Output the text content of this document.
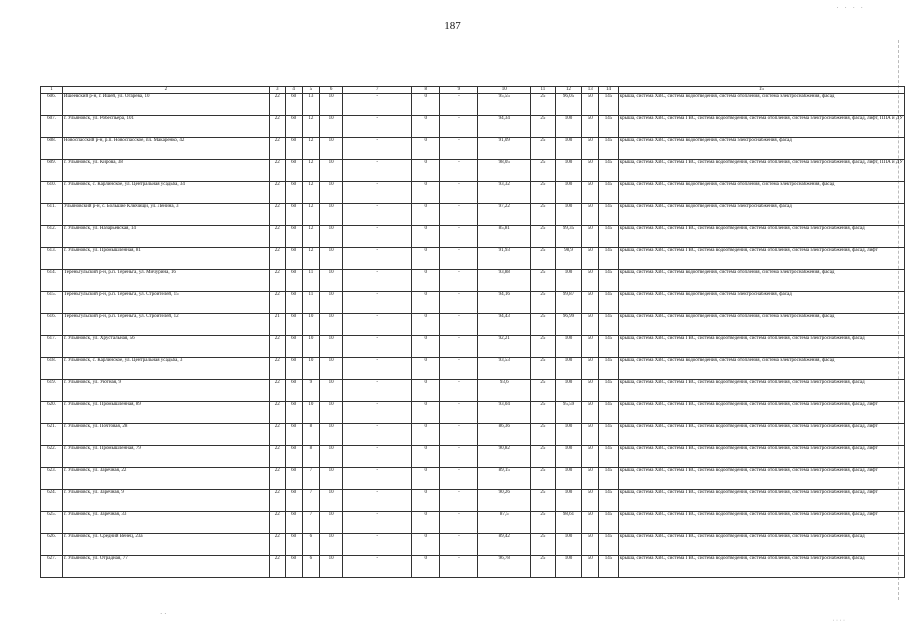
· · · ·
187
1	2	3	4	5	6	7	8	9	10	11	12	13	14	15
606.	Ишеевский р-н, г. Ишей, ул. Огарёва, 10	22	60	13	10	-	0	-	95,55	25	96,05	50	145	крыша, система ХВС, система водоотведения, система отопления, система электроснабжения, фасад
607.	г. Ульяновск, ул. Робеспьера, 101	22	60	12	10	-	0	-	94,34	25	100	50	145	крыша, система ХВС, система ГВС, система водоотведения, система отопления, система электроснабжения, фасад, лифт, ППА и ДУ
608.	Новоспасский р-н, р.п. Новоспасское, пл. Макаренко, 42	22	60	12	10	-	0	-	91,09	25	100	50	145	крыша, система ХВС, система водоотведения, система электроснабжения, фасад
609.	г. Ульяновск, ул. Кирова, 38	22	60	12	10	-	0	-	98,05	25	100	50	145	крыша, система ХВС, система ГВС, система водоотведения, система отопления, система электроснабжения, фасад, лифт, ППА и ДУ
610.	г. Ульяновск, с. Карлинское, ул. Центральная усадьба, 34	22	60	12	10	-	0	-	93,32	25	100	50	145	крыша, система ХВС, система водоотведения, система отопления, система электроснабжения, фасад
611.	Ульяновский р-н, с. Большие Ключищи, ул. Ленина, 3	22	60	12	10	-	0	-	97,22	25	100	50	145	крыша, система ХВС, система водоотведения, система электроснабжения, фасад
612.	г. Ульяновск, ул. Назарьевская, 14	22	60	12	10	-	0	-	85,81	25	99,35	50	145	крыша, система ХВС, система ГВС, система водоотведения, система отопления, система электроснабжения, фасад
613.	г. Ульяновск, ул. Промышленная, 81	22	60	12	10	-	0	-	91,93	25	98,9	50	145	крыша, система ХВС, система ГВС, система водоотведения, система отопления, система электроснабжения, фасад, лифт
614.	Тереньгульский р-н, р.п. Тереньга, ул. Мичурина, 16	22	60	11	10	-	0	-	93,88	25	100	50	145	крыша, система ХВС, система водоотведения, система отопления, система электроснабжения, фасад
615.	Тереньгульский р-н, р.п. Тереньга, ул. Строителей, 15	22	60	11	10	-	0	-	94,16	25	99,87	50	145	крыша, система ХВС, система водоотведения, система электроснабжения, фасад
616.	Тереньгульский р-н, р.п. Тереньга, ул. Строителей, 12	21	60	10	10	-	0	-	94,43	25	96,99	50	145	крыша, система ХВС, система водоотведения, система отопления, система электроснабжения, фасад
617.	г. Ульяновск, ул. Хрустальная, 56	22	60	10	10	-	0	-	92,21	25	100	50	145	крыша, система ХВС, система ГВС, система водоотведения, система отопления, система электроснабжения, фасад
618.	г. Ульяновск, с. Карлинское, ул. Центральная усадьба, 3	22	60	10	10	-	0	-	93,53	25	100	50	145	крыша, система ХВС, система водоотведения, система отопления, система электроснабжения, фасад
619.	г. Ульяновск, ул. Уютная, 9	22	60	9	10	-	0	-	93,6	25	100	50	145	крыша, система ХВС, система ГВС, система водоотведения, система отопления, система электроснабжения, фасад
620.	г. Ульяновск, ул. Промышленная, 89	22	60	10	10	-	0	-	93,04	25	95,59	50	145	крыша, система ХВС, система ГВС, система водоотведения, система отопления, система электроснабжения, фасад, лифт
621.	г. Ульяновск, ул. Почтовая, 28	22	60	8	10	-	0	-	86,36	25	100	50	145	крыша, система ХВС, система ГВС, система водоотведения, система отопления, система электроснабжения, фасад, лифт
622.	г. Ульяновск, ул. Промышленная, 79	22	60	8	10	-	0	-	90,82	25	100	50	145	крыша, система ХВС, система ГВС, система водоотведения, система отопления, система электроснабжения, фасад, лифт
623.	г. Ульяновск, ул. Заречная, 22	22	60	7	10	-	0	-	89,15	25	100	50	145	крыша, система ХВС, система ГВС, система водоотведения, система отопления, система электроснабжения, фасад, лифт
624.	г. Ульяновск, ул. Заречная, 9	22	60	7	10	-	0	-	90,26	25	100	50	145	крыша, система ХВС, система ГВС, система водоотведения, система отопления, система электроснабжения, фасад, лифт
625.	г. Ульяновск, ул. Заречная, 33	22	60	7	10	-	0	-	87,5	25	98,61	50	145	крыша, система ХВС, система ГВС, система водоотведения, система отопления, система электроснабжения, фасад, лифт
626.	г. Ульяновск, ул. Средний Венец, 23а	22	60	6	10	-	0	-	89,42	25	100	50	145	крыша, система ХВС, система ГВС, система водоотведения, система отопления, система электроснабжения, фасад
627.	г. Ульяновск, ул. Отрадная, 77	22	60	6	10	-	0	-	96,78	25	100	50	145	крыша, система ХВС, система ГВС, система водоотведения, система отопления, система электроснабжения, фасад
· ·
· · · ·
